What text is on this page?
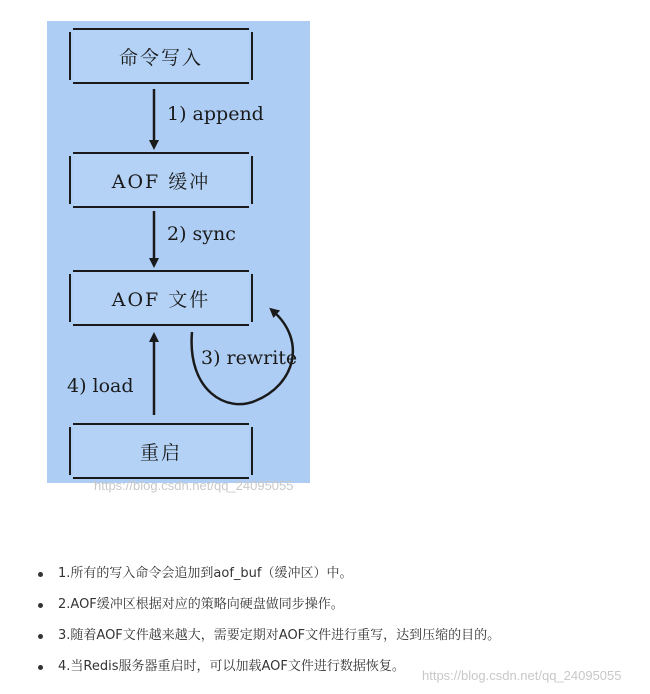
命令写入
AOF 缓冲
AOF 文件
重启
1) append
2) sync
3) rewrite
4) load
https://blog.csdn.net/qq_24095055
1.所有的写入命令会追加到aof_buf（缓冲区）中。
2.AOF缓冲区根据对应的策略向硬盘做同步操作。
3.随着AOF文件越来越大，需要定期对AOF文件进行重写，达到压缩的目的。
4.当Redis服务器重启时，可以加载AOF文件进行数据恢复。
https://blog.csdn.net/qq_24095055
